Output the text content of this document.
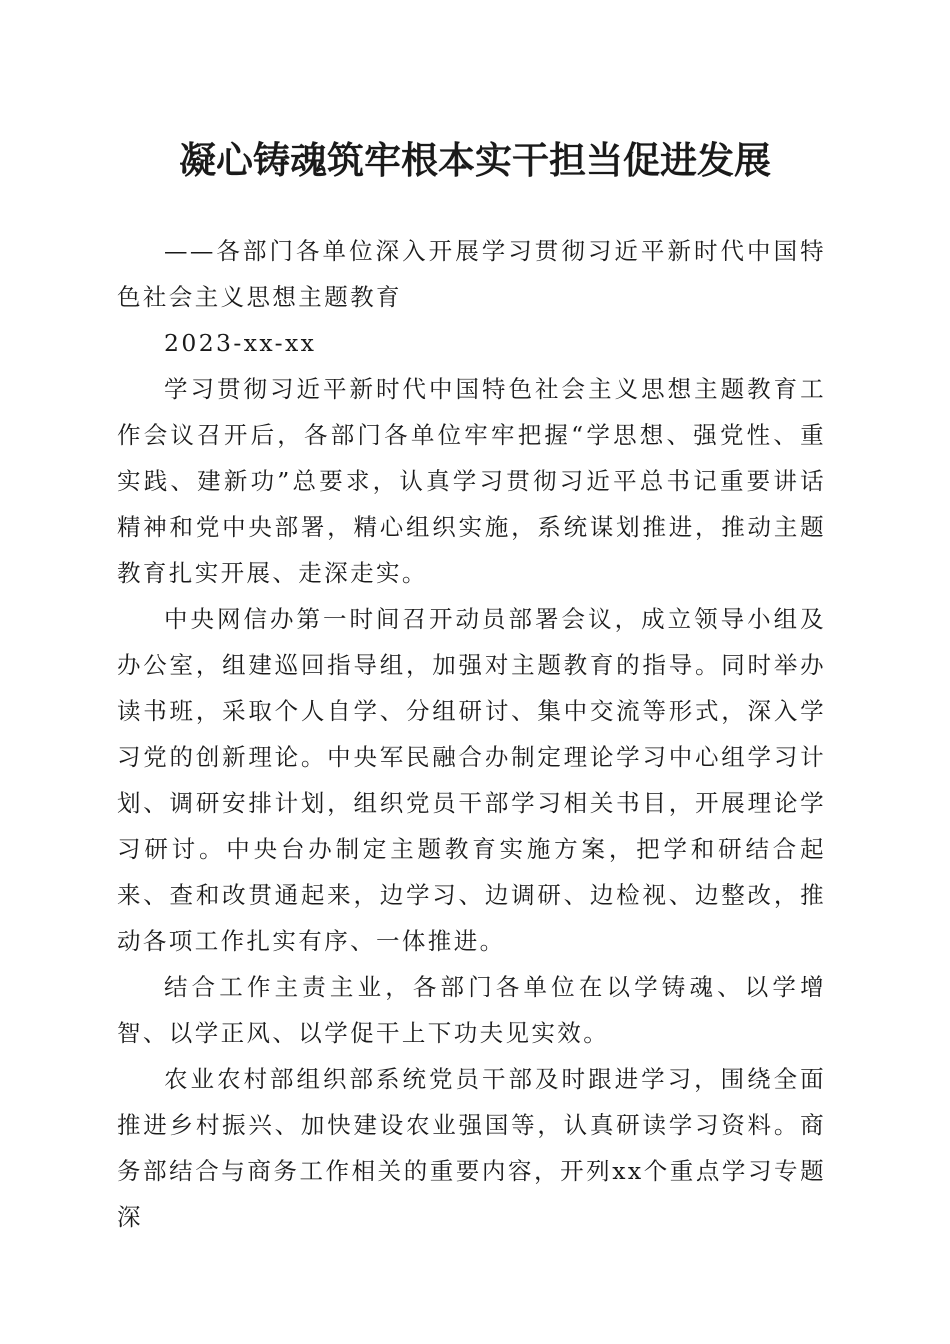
凝心铸魂筑牢根本实干担当促进发展

——各部门各单位深入开展学习贯彻习近平新时代中国特色社会主义思想主题教育

2023-xx-xx

学习贯彻习近平新时代中国特色社会主义思想主题教育工作会议召开后，各部门各单位牢牢把握“学思想、强党性、重实践、建新功”总要求，认真学习贯彻习近平总书记重要讲话精神和党中央部署，精心组织实施，系统谋划推进，推动主题教育扎实开展、走深走实。

中央网信办第一时间召开动员部署会议，成立领导小组及办公室，组建巡回指导组，加强对主题教育的指导。同时举办读书班，采取个人自学、分组研讨、集中交流等形式，深入学习党的创新理论。中央军民融合办制定理论学习中心组学习计划、调研安排计划，组织党员干部学习相关书目，开展理论学习研讨。中央台办制定主题教育实施方案，把学和研结合起来、查和改贯通起来，边学习、边调研、边检视、边整改，推动各项工作扎实有序、一体推进。

结合工作主责主业，各部门各单位在以学铸魂、以学增智、以学正风、以学促干上下功夫见实效。

农业农村部组织部系统党员干部及时跟进学习，围绕全面推进乡村振兴、加快建设农业强国等，认真研读学习资料。商务部结合与商务工作相关的重要内容，开列xx个重点学习专题深
